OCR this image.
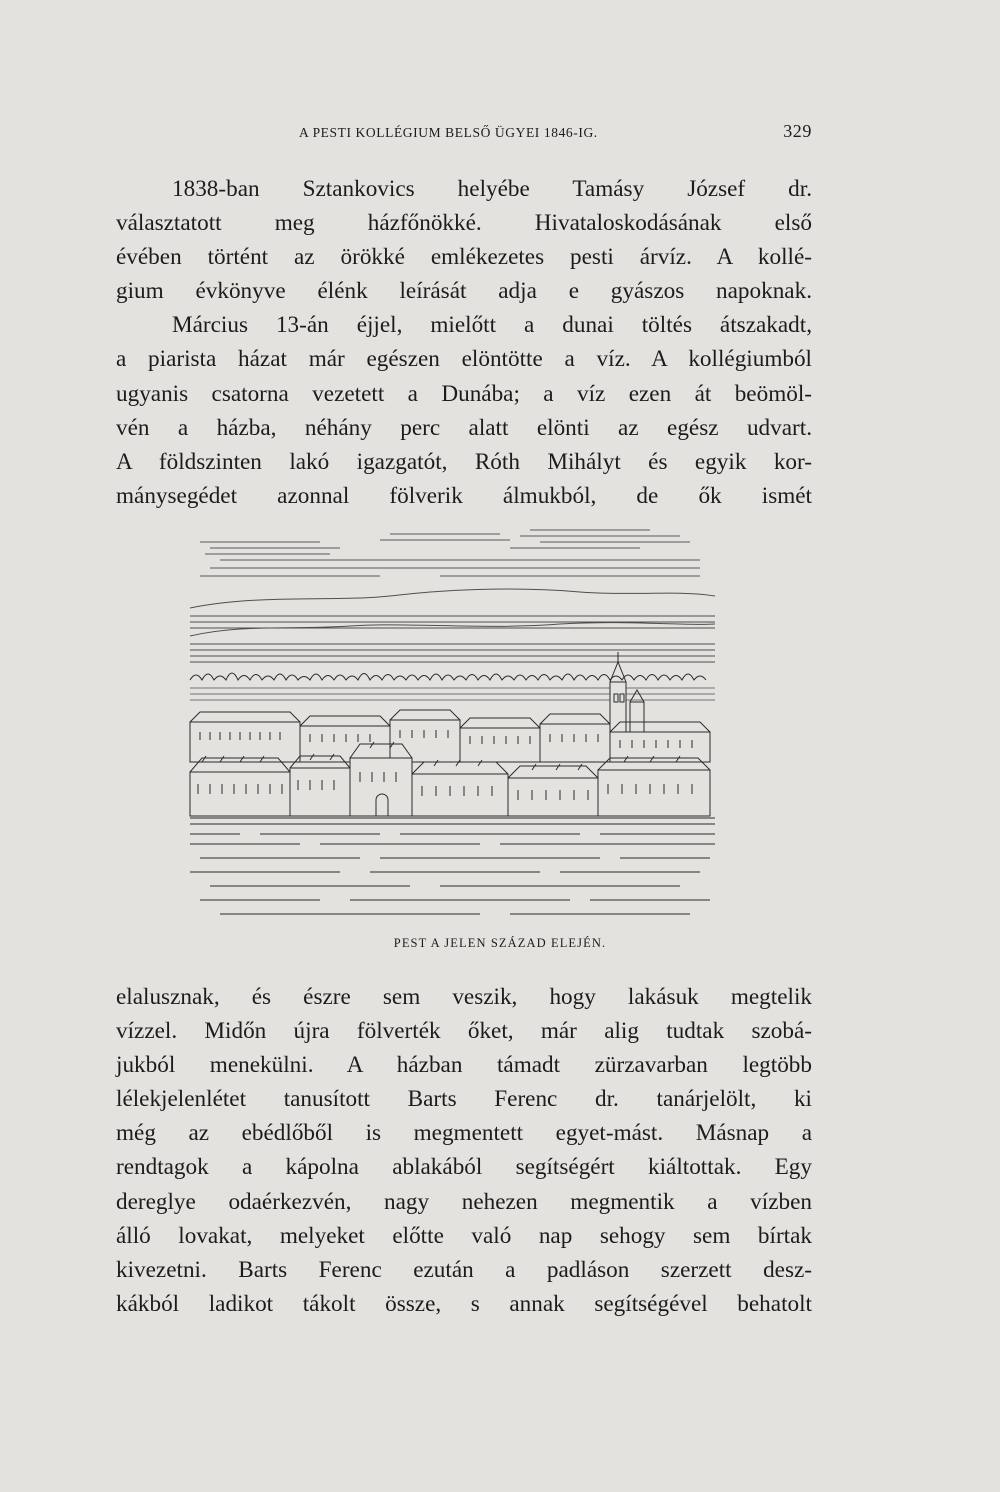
A PESTI KOLLÉGIUM BELSŐ ÜGYEI 1846-IG.	329
1838-ban Sztankovics helyébe Tamásy József dr.
választatott meg házfőnökké. Hivataloskodásának első
évében történt az örökké emlékezetes pesti árvíz. A kollé-
gium évkönyve élénk leírását adja e gyászos napoknak.
Március 13-án éjjel, mielőtt a dunai töltés átszakadt,
a piarista házat már egészen elöntötte a víz. A kollégiumból
ugyanis csatorna vezetett a Dunába; a víz ezen át beömöl-
vén a házba, néhány perc alatt elönti az egész udvart.
A földszinten lakó igazgatót, Róth Mihályt és egyik kor-
mánysegédet azonnal fölverik álmukból, de ők ismét
PEST A JELEN SZÁZAD ELEJÉN.
elalusznak, és észre sem veszik, hogy lakásuk megtelik
vízzel. Midőn újra fölverték őket, már alig tudtak szobá-
jukból menekülni. A házban támadt zürzavarban legtöbb
lélekjelenlétet tanusított Barts Ferenc dr. tanárjelölt, ki
még az ebédlőből is megmentett egyet-mást. Másnap a
rendtagok a kápolna ablakából segítségért kiáltottak. Egy
dereglye odaérkezvén, nagy nehezen megmentik a vízben
álló lovakat, melyeket előtte való nap sehogy sem bírtak
kivezetni. Barts Ferenc ezután a padláson szerzett desz-
kákból ladikot tákolt össze, s annak segítségével behatolt
